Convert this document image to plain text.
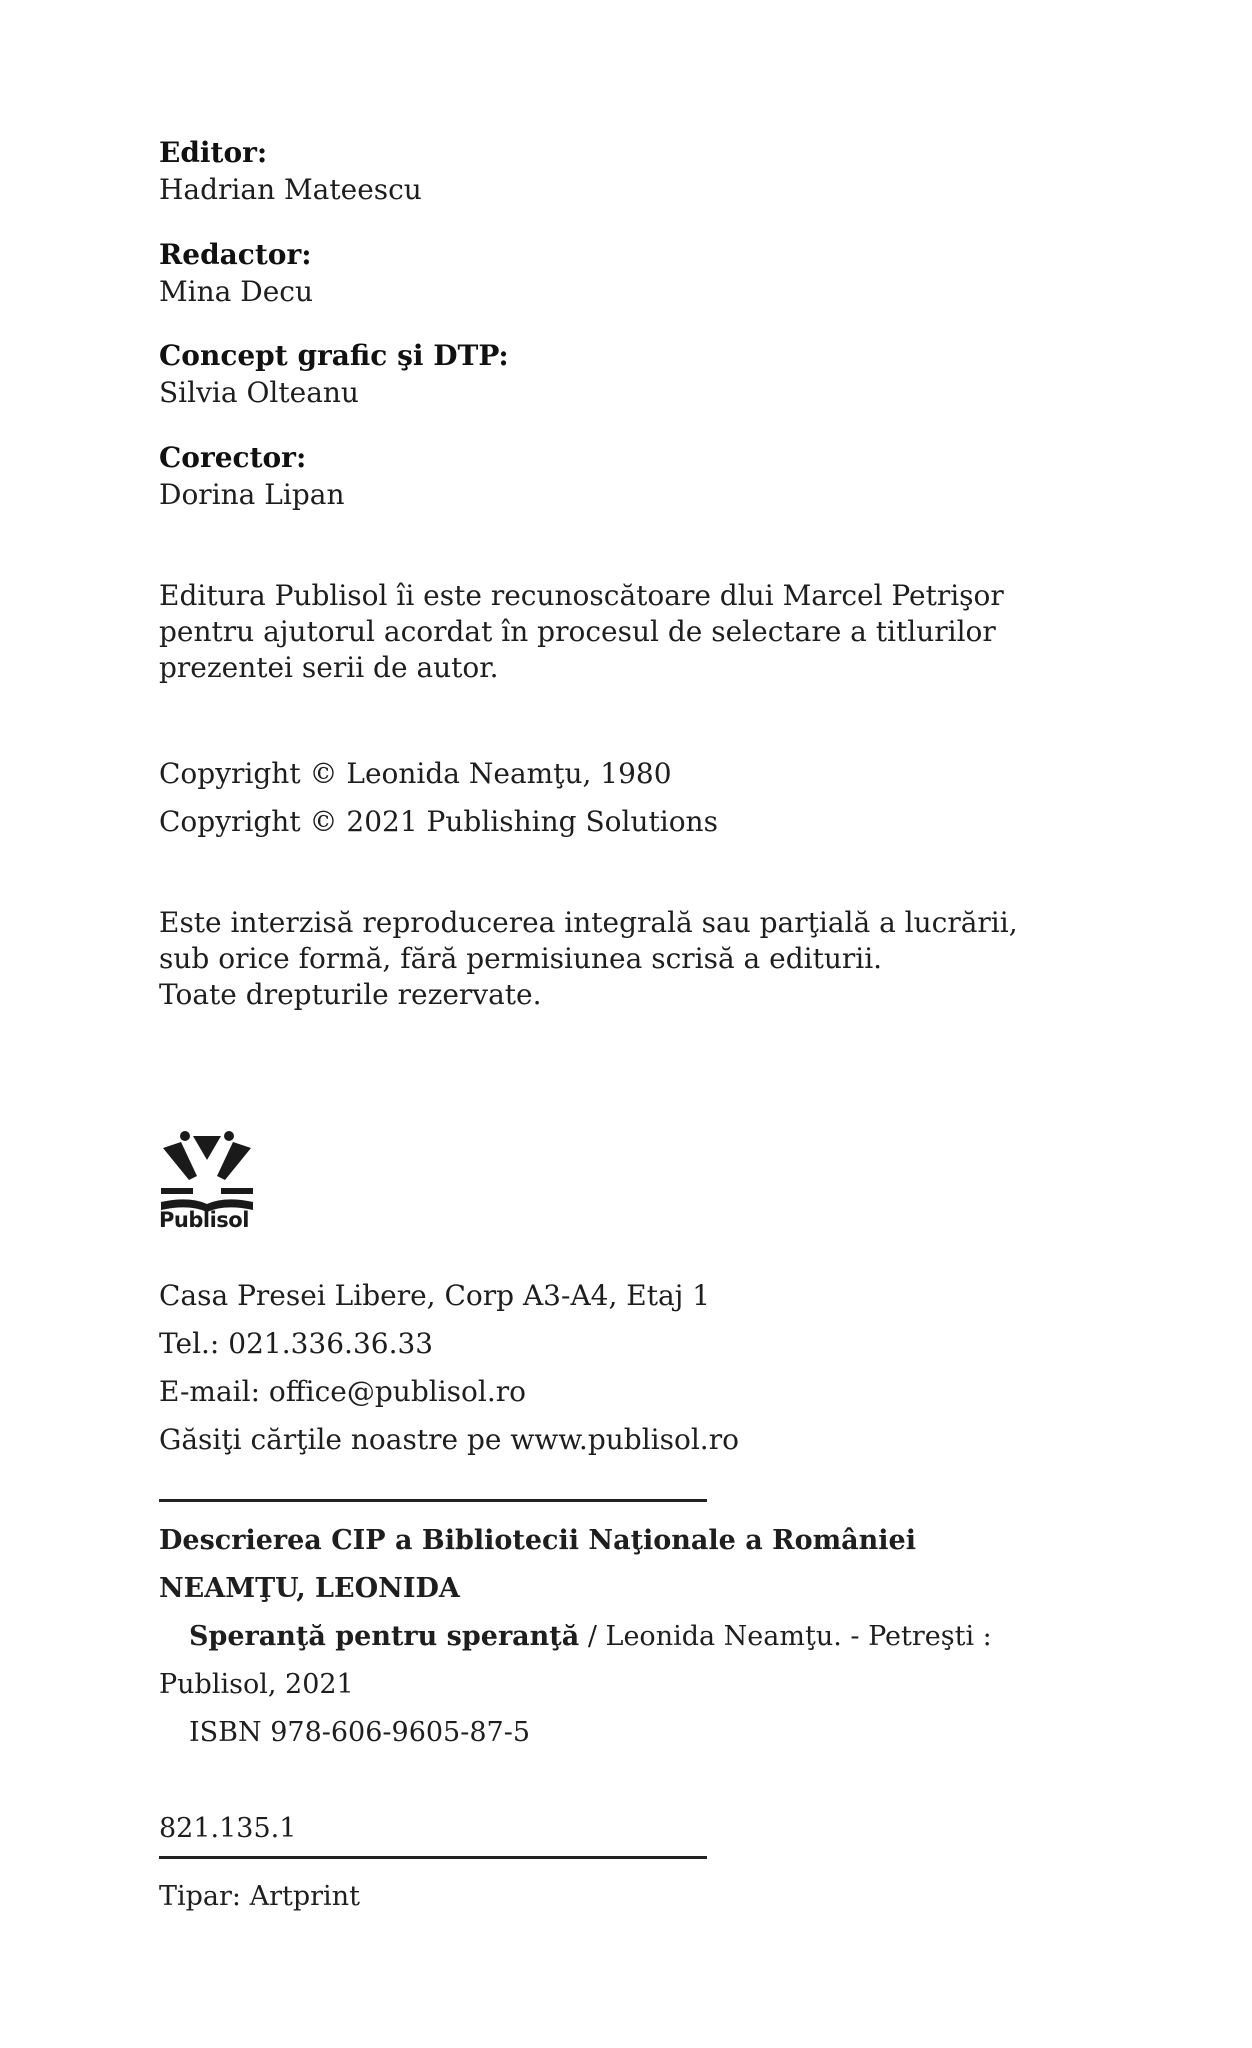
Editor:
Hadrian Mateescu
Redactor:
Mina Decu
Concept grafic şi DTP:
Silvia Olteanu
Corector:
Dorina Lipan
Editura Publisol îi este recunoscătoare dlui Marcel Petrişor
pentru ajutorul acordat în procesul de selectare a titlurilor
prezentei serii de autor.
Copyright © Leonida Neamţu, 1980
Copyright © 2021 Publishing Solutions
Este interzisă reproducerea integrală sau parţială a lucrării,
sub orice formă, fără permisiunea scrisă a editurii.
Toate drepturile rezervate.
Publisol
Casa Presei Libere, Corp A3-A4, Etaj 1
Tel.: 021.336.36.33
E-mail: office@publisol.ro
Găsiţi cărţile noastre pe www.publisol.ro
Descrierea CIP a Bibliotecii Naţionale a României
NEAMŢU, LEONIDA
Speranţă pentru speranţă / Leonida Neamţu. - Petreşti :
Publisol, 2021
ISBN 978-606-9605-87-5
821.135.1
Tipar: Artprint
